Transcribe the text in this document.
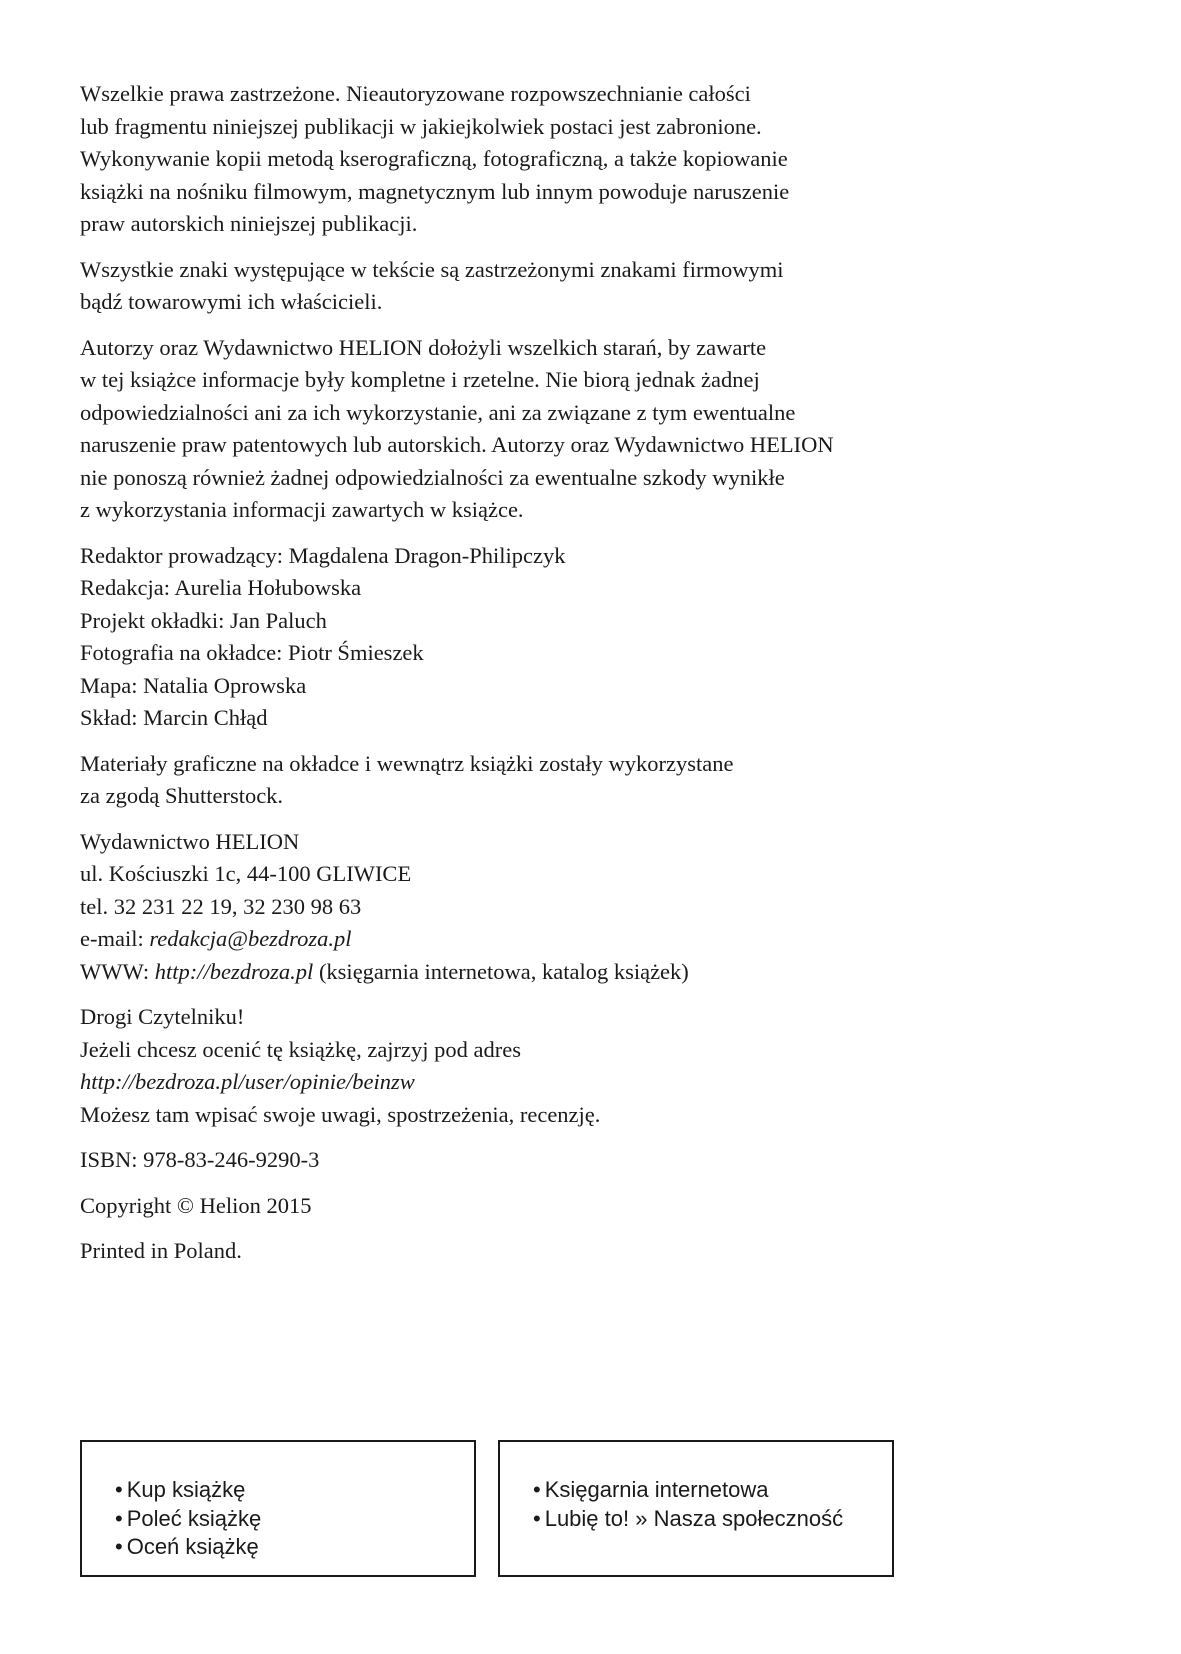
Wszelkie prawa zastrzeżone. Nieautoryzowane rozpowszechnianie całości
lub fragmentu niniejszej publikacji w jakiejkolwiek postaci jest zabronione.
Wykonywanie kopii metodą kserograficzną, fotograficzną, a także kopiowanie
książki na nośniku filmowym, magnetycznym lub innym powoduje naruszenie
praw autorskich niniejszej publikacji.

Wszystkie znaki występujące w tekście są zastrzeżonymi znakami firmowymi
bądź towarowymi ich właścicieli.

Autorzy oraz Wydawnictwo HELION dołożyli wszelkich starań, by zawarte
w tej książce informacje były kompletne i rzetelne. Nie biorą jednak żadnej
odpowiedzialności ani za ich wykorzystanie, ani za związane z tym ewentualne
naruszenie praw patentowych lub autorskich. Autorzy oraz Wydawnictwo HELION
nie ponoszą również żadnej odpowiedzialności za ewentualne szkody wynikłe
z wykorzystania informacji zawartych w książce.

Redaktor prowadzący: Magdalena Dragon-Philipczyk
Redakcja: Aurelia Hołubowska
Projekt okładki: Jan Paluch
Fotografia na okładce: Piotr Śmieszek
Mapa: Natalia Oprowska
Skład: Marcin Chłąd

Materiały graficzne na okładce i wewnątrz książki zostały wykorzystane
za zgodą Shutterstock.

Wydawnictwo HELION
ul. Kościuszki 1c, 44-100 GLIWICE
tel. 32 231 22 19, 32 230 98 63
e-mail: redakcja@bezdroza.pl
WWW: http://bezdroza.pl (księgarnia internetowa, katalog książek)

Drogi Czytelniku!
Jeżeli chcesz ocenić tę książkę, zajrzyj pod adres
http://bezdroza.pl/user/opinie/beinzw
Możesz tam wpisać swoje uwagi, spostrzeżenia, recenzję.

ISBN: 978-83-246-9290-3

Copyright © Helion 2015

Printed in Poland.

• Kup książkę
• Poleć książkę
• Oceń książkę
• Księgarnia internetowa
• Lubię to! » Nasza społeczność
